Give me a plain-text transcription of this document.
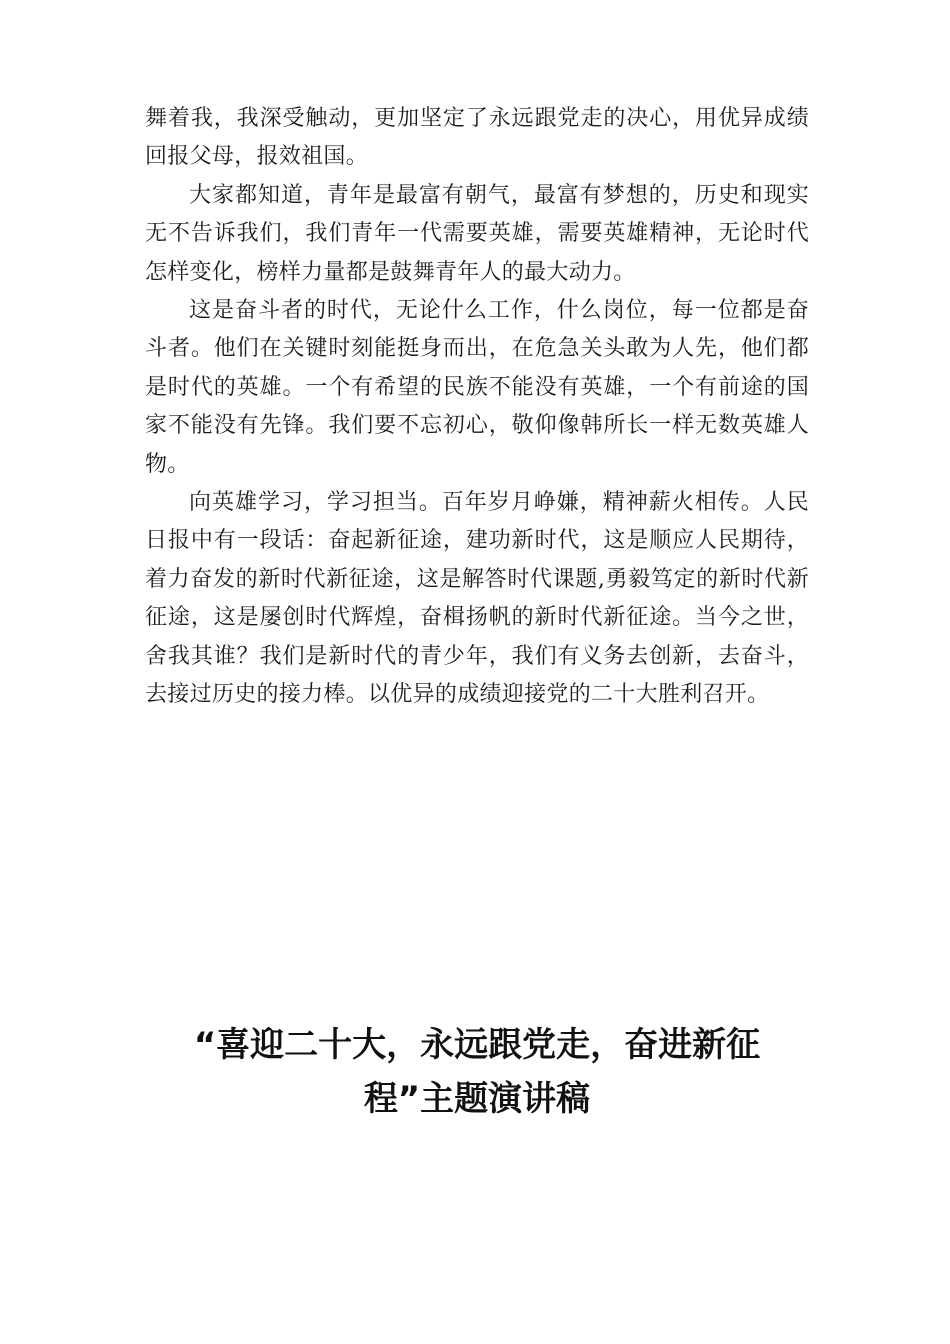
舞着我，我深受触动，更加坚定了永远跟党走的决心，用优异成绩回报父母，报效祖国。

大家都知道，青年是最富有朝气，最富有梦想的，历史和现实无不告诉我们，我们青年一代需要英雄，需要英雄精神，无论时代怎样变化，榜样力量都是鼓舞青年人的最大动力。

这是奋斗者的时代，无论什么工作，什么岗位，每一位都是奋斗者。他们在关键时刻能挺身而出，在危急关头敢为人先，他们都是时代的英雄。一个有希望的民族不能没有英雄，一个有前途的国家不能没有先锋。我们要不忘初心，敬仰像韩所长一样无数英雄人物。

向英雄学习，学习担当。百年岁月峥嫌，精神薪火相传。人民日报中有一段话：奋起新征途，建功新时代，这是顺应人民期待，着力奋发的新时代新征途，这是解答时代课题,勇毅笃定的新时代新征途，这是屡创时代辉煌，奋楫扬帆的新时代新征途。当今之世，舍我其谁？我们是新时代的青少年，我们有义务去创新，去奋斗，去接过历史的接力棒。以优异的成绩迎接党的二十大胜利召开。

“喜迎二十大，永远跟党走，奋进新征
程”主题演讲稿
